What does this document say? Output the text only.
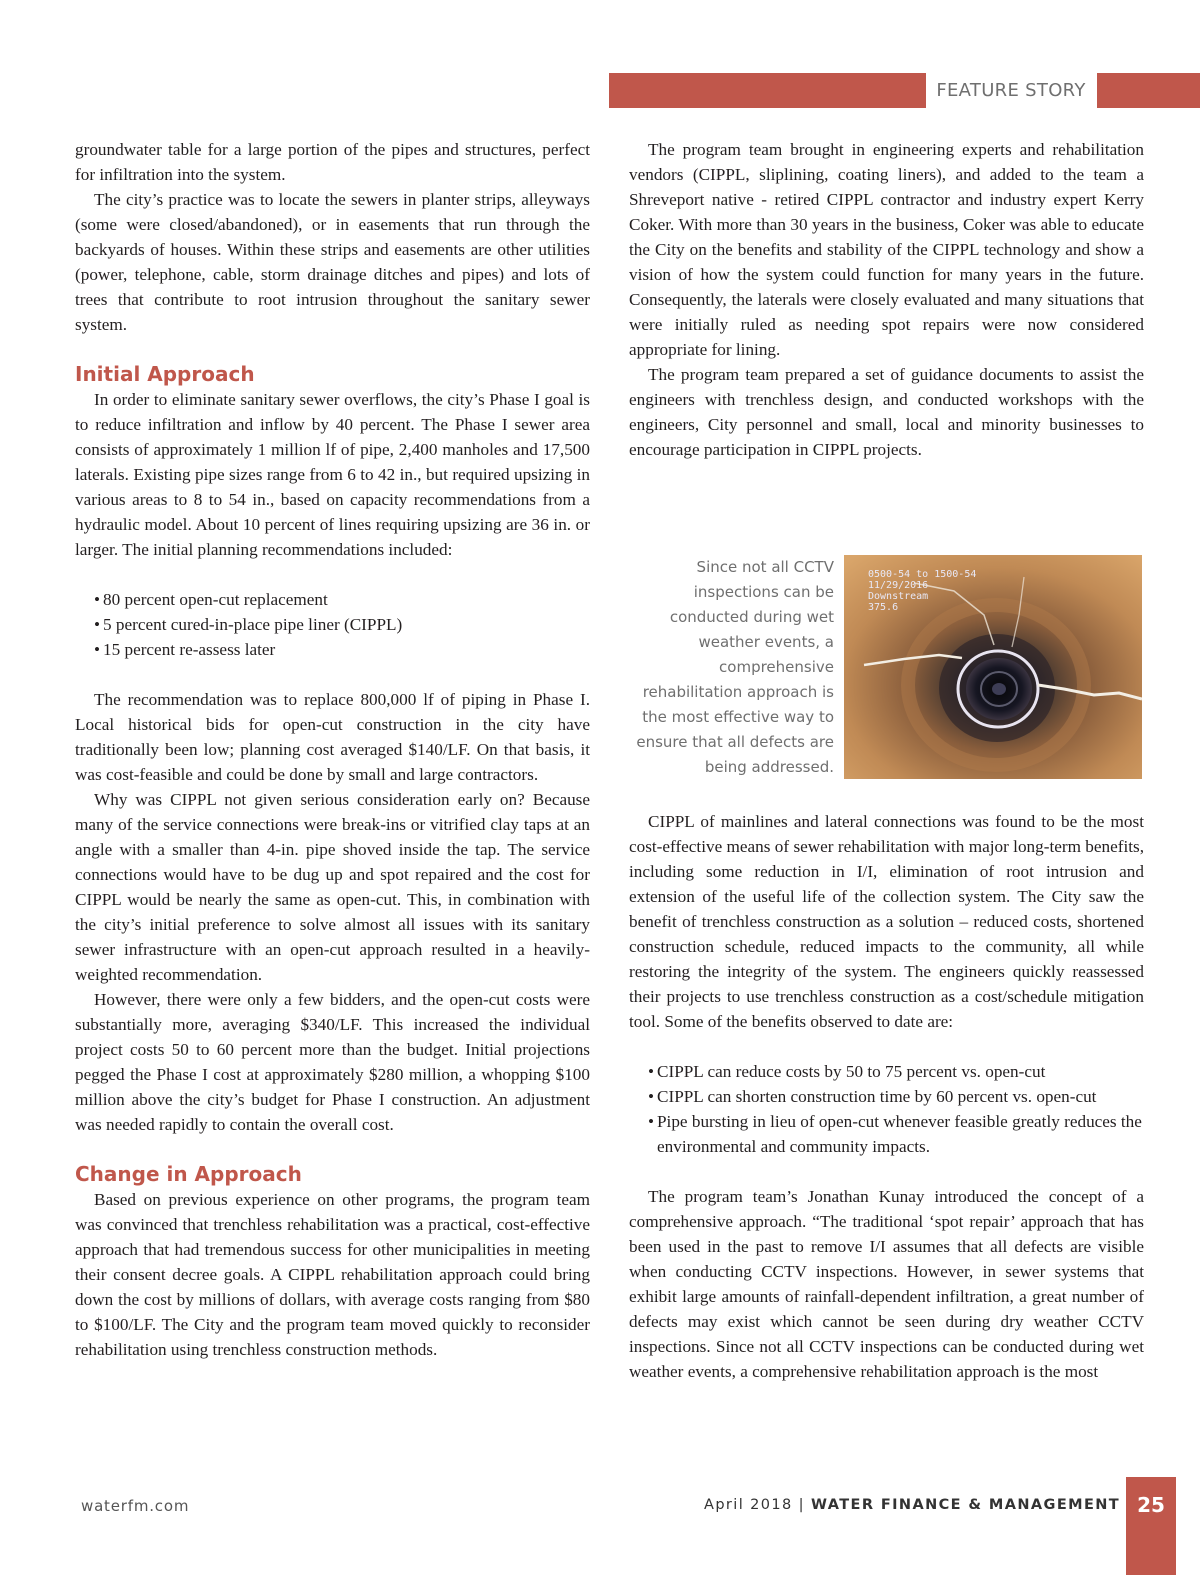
FEATURE STORY

groundwater table for a large portion of the pipes and structures, perfect for infiltration into the system.

The city’s practice was to locate the sewers in planter strips, alleyways (some were closed/abandoned), or in easements that run through the backyards of houses. Within these strips and easements are other utilities (power, telephone, cable, storm drainage ditches and pipes) and lots of trees that contribute to root intrusion throughout the sanitary sewer system.

Initial Approach

In order to eliminate sanitary sewer overflows, the city’s Phase I goal is to reduce infiltration and inflow by 40 percent. The Phase I sewer area consists of approximately 1 million lf of pipe, 2,400 manholes and 17,500 laterals. Existing pipe sizes range from 6 to 42 in., but required upsizing in various areas to 8 to 54 in., based on capacity recommendations from a hydraulic model. About 10 percent of lines requiring upsizing are 36 in. or larger. The initial planning recommendations included:

• 80 percent open-cut replacement
• 5 percent cured-in-place pipe liner (CIPPL)
• 15 percent re-assess later

The recommendation was to replace 800,000 lf of piping in Phase I. Local historical bids for open-cut construction in the city have traditionally been low; planning cost averaged $140/LF. On that basis, it was cost-feasible and could be done by small and large contractors.

Why was CIPPL not given serious consideration early on? Because many of the service connections were break-ins or vitrified clay taps at an angle with a smaller than 4-in. pipe shoved inside the tap. The service connections would have to be dug up and spot repaired and the cost for CIPPL would be nearly the same as open-cut. This, in combination with the city’s initial preference to solve almost all issues with its sanitary sewer infrastructure with an open-cut approach resulted in a heavily-weighted recommendation.

However, there were only a few bidders, and the open-cut costs were substantially more, averaging $340/LF. This increased the individual project costs 50 to 60 percent more than the budget. Initial projections pegged the Phase I cost at approximately $280 million, a whopping $100 million above the city’s budget for Phase I construction. An adjustment was needed rapidly to contain the overall cost.

Change in Approach

Based on previous experience on other programs, the program team was convinced that trenchless rehabilitation was a practical, cost-effective approach that had tremendous success for other municipalities in meeting their consent decree goals. A CIPPL rehabilitation approach could bring down the cost by millions of dollars, with average costs ranging from $80 to $100/LF. The City and the program team moved quickly to reconsider rehabilitation using trenchless construction methods.

The program team brought in engineering experts and rehabilitation vendors (CIPPL, sliplining, coating liners), and added to the team a Shreveport native - retired CIPPL contractor and industry expert Kerry Coker. With more than 30 years in the business, Coker was able to educate the City on the benefits and stability of the CIPPL technology and show a vision of how the system could function for many years in the future. Consequently, the laterals were closely evaluated and many situations that were initially ruled as needing spot repairs were now considered appropriate for lining.

The program team prepared a set of guidance documents to assist the engineers with trenchless design, and conducted workshops with the engineers, City personnel and small, local and minority businesses to encourage participation in CIPPL projects.

Since not all CCTV inspections can be conducted during wet weather events, a comprehensive rehabilitation approach is the most effective way to ensure that all defects are being addressed.
0500-54 to 1500-54
11/29/2016
Downstream
375.6

CIPPL of mainlines and lateral connections was found to be the most cost-effective means of sewer rehabilitation with major long-term benefits, including some reduction in I/I, elimination of root intrusion and extension of the useful life of the collection system. The City saw the benefit of trenchless construction as a solution – reduced costs, shortened construction schedule, reduced impacts to the community, all while restoring the integrity of the system. The engineers quickly reassessed their projects to use trenchless construction as a cost/schedule mitigation tool. Some of the benefits observed to date are:

• CIPPL can reduce costs by 50 to 75 percent vs. open-cut
• CIPPL can shorten construction time by 60 percent vs. open-cut
• Pipe bursting in lieu of open-cut whenever feasible greatly reduces the environmental and community impacts.

The program team’s Jonathan Kunay introduced the concept of a comprehensive approach. “The traditional ‘spot repair’ approach that has been used in the past to remove I/I assumes that all defects are visible when conducting CCTV inspections. However, in sewer systems that exhibit large amounts of rainfall-dependent infiltration, a great number of defects may exist which cannot be seen during dry weather CCTV inspections. Since not all CCTV inspections can be conducted during wet weather events, a comprehensive rehabilitation approach is the most

waterfm.com	April 2018 | WATER FINANCE & MANAGEMENT 25
